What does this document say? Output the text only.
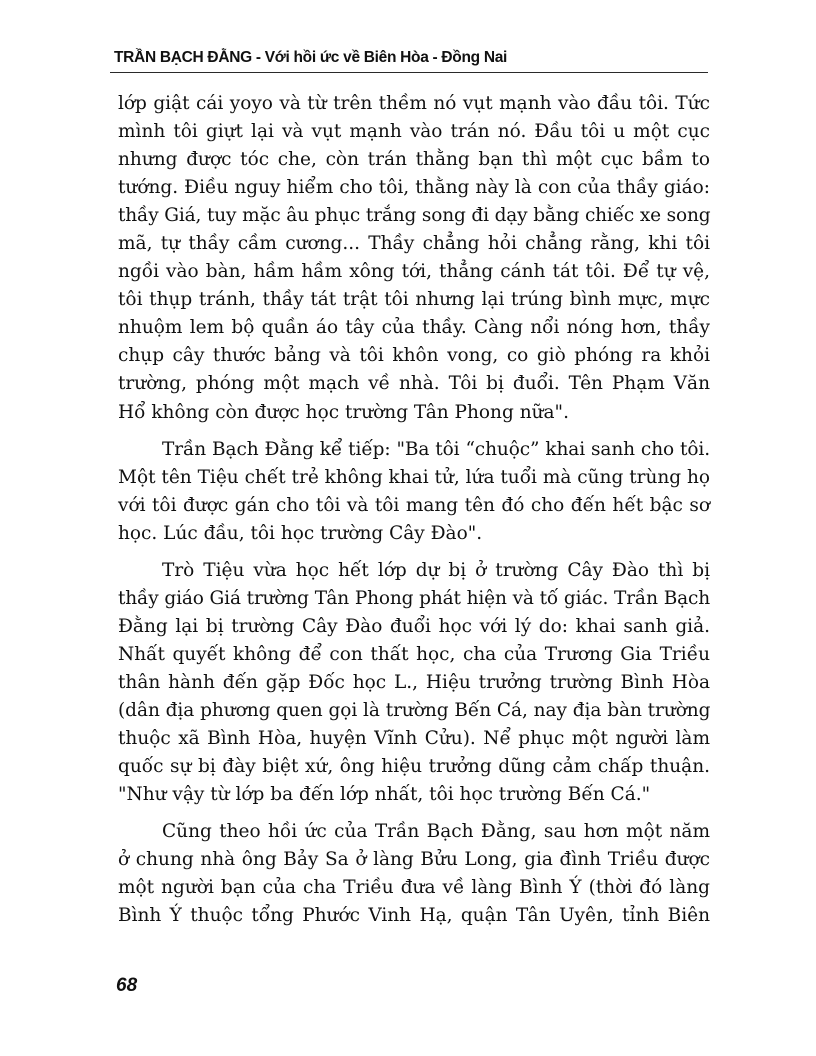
TRẦN BẠCH ĐẰNG - Với hồi ức về Biên Hòa - Đồng Nai
lớp giật cái yoyo và từ trên thềm nó vụt mạnh vào đầu tôi. Tức
mình tôi giựt lại và vụt mạnh vào trán nó. Đầu tôi u một cục
nhưng được tóc che, còn trán thằng bạn thì một cục bầm to
tướng. Điều nguy hiểm cho tôi, thằng này là con của thầy giáo:
thầy Giá, tuy mặc âu phục trắng song đi dạy bằng chiếc xe song
mã, tự thầy cầm cương... Thầy chẳng hỏi chẳng rằng, khi tôi
ngồi vào bàn, hầm hầm xông tới, thẳng cánh tát tôi. Để tự vệ,
tôi thụp tránh, thầy tát trật tôi nhưng lại trúng bình mực, mực
nhuộm lem bộ quần áo tây của thầy. Càng nổi nóng hơn, thầy
chụp cây thước bảng và tôi khôn vong, co giò phóng ra khỏi
trường, phóng một mạch về nhà. Tôi bị đuổi. Tên Phạm Văn
Hổ không còn được học trường Tân Phong nữa".
Trần Bạch Đằng kể tiếp: "Ba tôi “chuộc” khai sanh cho tôi.
Một tên Tiệu chết trẻ không khai tử, lứa tuổi mà cũng trùng họ
với tôi được gán cho tôi và tôi mang tên đó cho đến hết bậc sơ
học. Lúc đầu, tôi học trường Cây Đào".
Trò Tiệu vừa học hết lớp dự bị ở trường Cây Đào thì bị
thầy giáo Giá trường Tân Phong phát hiện và tố giác. Trần Bạch
Đằng lại bị trường Cây Đào đuổi học với lý do: khai sanh giả.
Nhất quyết không để con thất học, cha của Trương Gia Triều
thân hành đến gặp Đốc học L., Hiệu trưởng trường Bình Hòa
(dân địa phương quen gọi là trường Bến Cá, nay địa bàn trường
thuộc xã Bình Hòa, huyện Vĩnh Cửu). Nể phục một người làm
quốc sự bị đày biệt xứ, ông hiệu trưởng dũng cảm chấp thuận.
"Như vậy từ lớp ba đến lớp nhất, tôi học trường Bến Cá."
Cũng theo hồi ức của Trần Bạch Đằng, sau hơn một năm
ở chung nhà ông Bảy Sa ở làng Bửu Long, gia đình Triều được
một người bạn của cha Triều đưa về làng Bình Ý (thời đó làng
Bình Ý thuộc tổng Phước Vinh Hạ, quận Tân Uyên, tỉnh Biên
68
